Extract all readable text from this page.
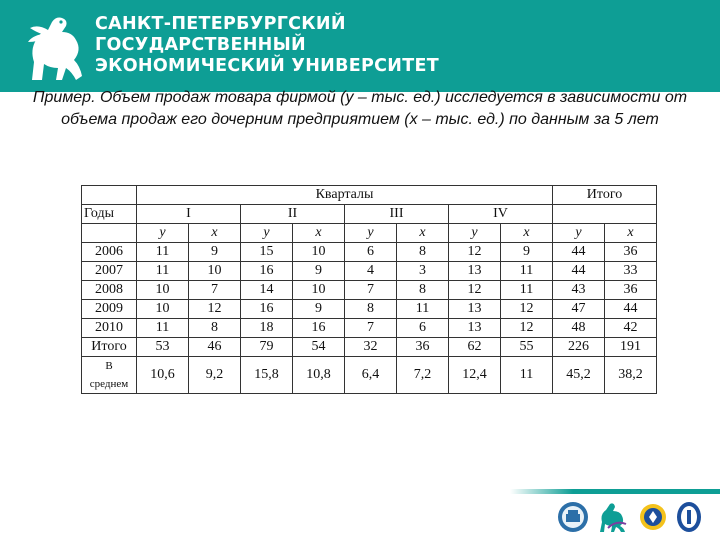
САНКТ-ПЕТЕРБУРГСКИЙ
ГОСУДАРСТВЕННЫЙ
ЭКОНОМИЧЕСКИЙ УНИВЕРСИТЕТ
Пример. Объем продаж товара фирмой (y – тыс. ед.) исследуется в зависимости от объема продаж его дочерним предприятием (x – тыс. ед.) по данным за 5 лет
	Кварталы								Итого	
Годы	I		II		III		IV			
	y	x	y	x	y	x	y	x	y	x
2006	11	9	15	10	6	8	12	9	44	36
2007	11	10	16	9	4	3	13	11	44	33
2008	10	7	14	10	7	8	12	11	43	36
2009	10	12	16	9	8	11	13	12	47	44
2010	11	8	18	16	7	6	13	12	48	42
Итого	53	46	79	54	32	36	62	55	226	191

В
среднем	10,6	9,2	15,8	10,8	6,4	7,2	12,4	11	45,2	38,2
